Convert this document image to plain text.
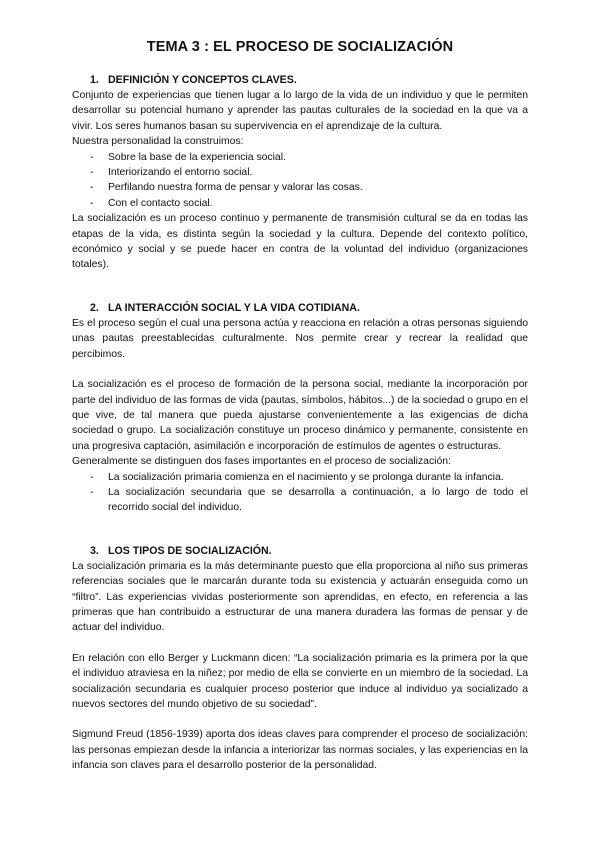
TEMA 3 : EL PROCESO DE SOCIALIZACIÓN
1. DEFINICIÓN Y CONCEPTOS CLAVES.

Conjunto de experiencias que tienen lugar a lo largo de la vida de un individuo y que le permiten desarrollar su potencial humano y aprender las pautas culturales de la sociedad en la que va a vivir. Los seres humanos basan su supervivencia en el aprendizaje de la cultura.

Nuestra personalidad la construimos:

- Sobre la base de la experiencia social.
- Interiorizando el entorno social.
- Perfilando nuestra forma de pensar y valorar las cosas.
- Con el contacto social.

La socialización es un proceso continuo y permanente de transmisión cultural se da en todas las etapas de la vida, es distinta según la sociedad y la cultura. Depende del contexto político, económico y social y se puede hacer en contra de la voluntad del individuo (organizaciones totales).

2. LA INTERACCIÓN SOCIAL Y LA VIDA COTIDIANA.

Es el proceso según el cual una persona actúa y reacciona en relación a otras personas siguiendo unas pautas preestablecidas culturalmente. Nos permite crear y recrear la realidad que percibimos.

La socialización es el proceso de formación de la persona social, mediante la incorporación por parte del individuo de las formas de vida (pautas, símbolos, hábitos...) de la sociedad o grupo en el que vive, de tal manera que pueda ajustarse convenientemente a las exigencias de dicha sociedad o grupo. La socialización constituye un proceso dinámico y permanente, consistente en una progresiva captación, asimilación e incorporación de estímulos de agentes o estructuras.

Generalmente se distinguen dos fases importantes en el proceso de socialización:

- La socialización primaria comienza en el nacimiento y se prolonga durante la infancia.
- La socialización secundaria que se desarrolla a continuación, a lo largo de todo el recorrido social del individuo.
3. LOS TIPOS DE SOCIALIZACIÓN.

La socialización primaria es la más determinante puesto que ella proporciona al niño sus primeras referencias sociales que le marcarán durante toda su existencia y actuarán enseguida como un “filtro”. Las experiencias vividas posteriormente son aprendidas, en efecto, en referencia a las primeras que han contribuido a estructurar de una manera duradera las formas de pensar y de actuar del individuo.

En relación con ello Berger y Luckmann dicen: “La socialización primaria es la primera por la que el individuo atraviesa en la niñez; por medio de ella se convierte en un miembro de la sociedad. La socialización secundaria es cualquier proceso posterior que induce al individuo ya socializado a nuevos sectores del mundo objetivo de su sociedad”.

Sigmund Freud (1856-1939) aporta dos ideas claves para comprender el proceso de socialización: las personas empiezan desde la infancia a interiorizar las normas sociales, y las experiencias en la infancia son claves para el desarrollo posterior de la personalidad.
